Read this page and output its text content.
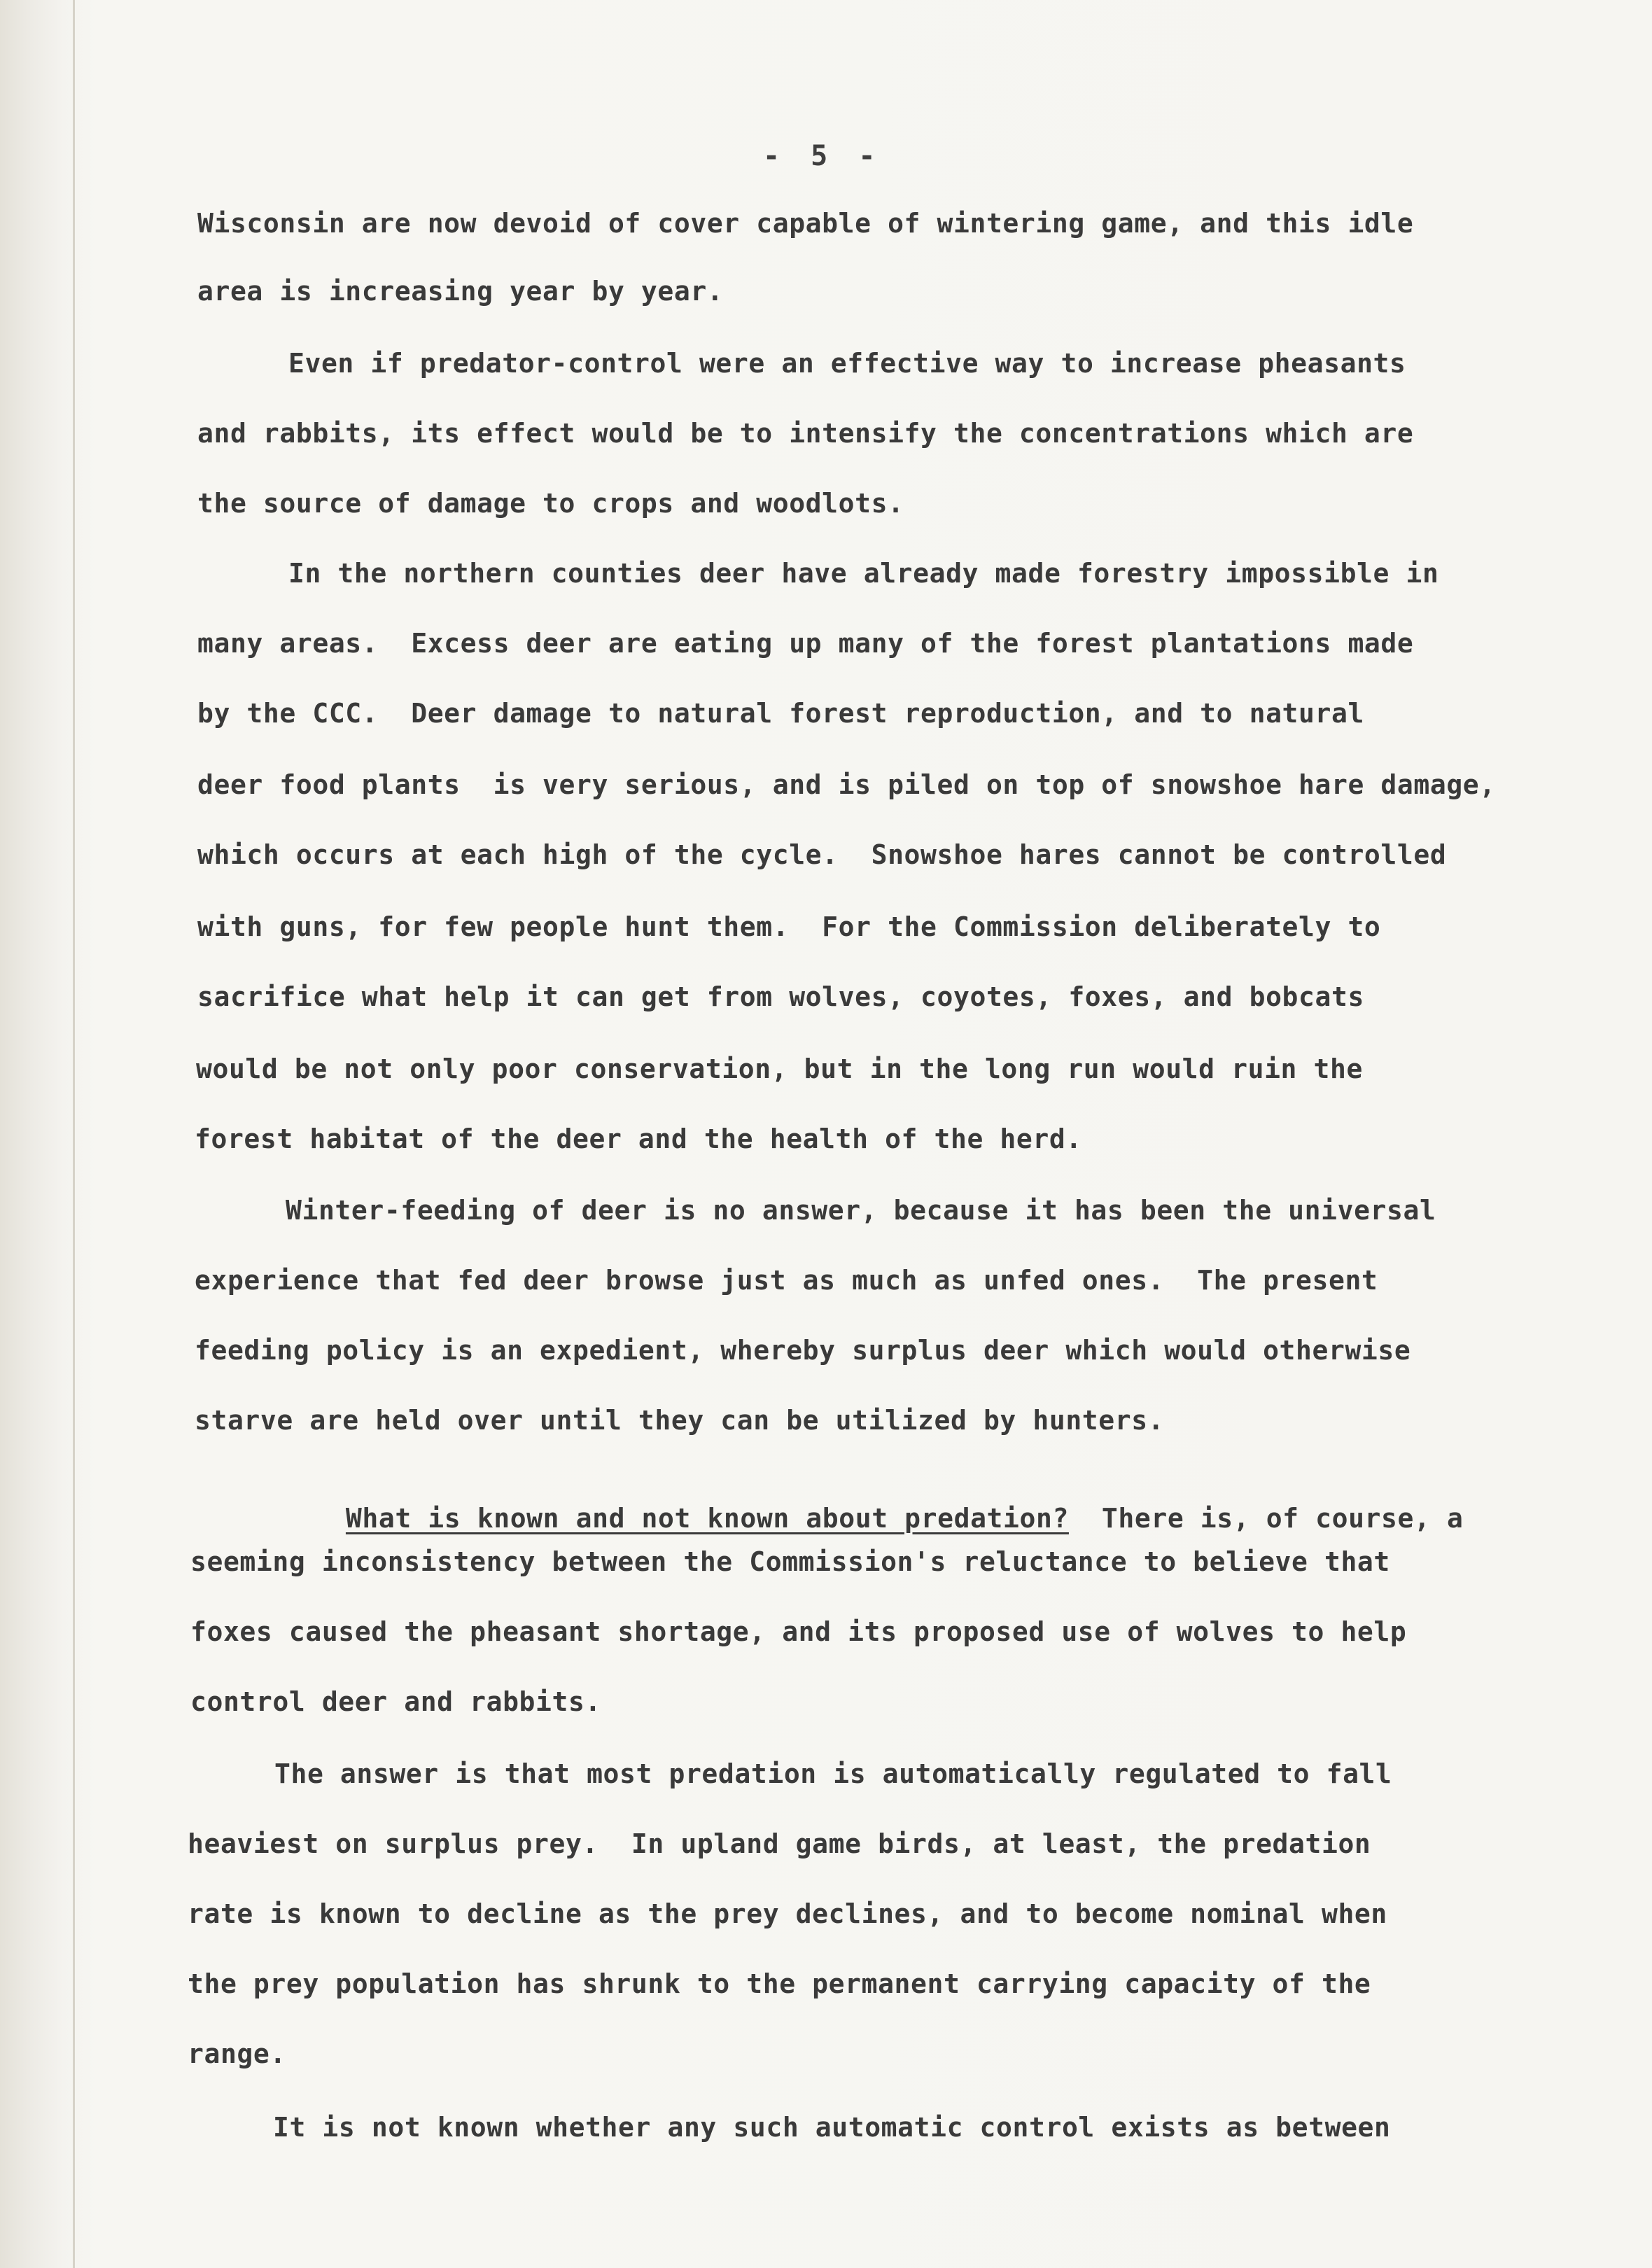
- 5 -
Wisconsin are now devoid of cover capable of wintering game, and this idle
area is increasing year by year.
Even if predator-control were an effective way to increase pheasants
and rabbits, its effect would be to intensify the concentrations which are
the source of damage to crops and woodlots.
In the northern counties deer have already made forestry impossible in
many areas.  Excess deer are eating up many of the forest plantations made
by the CCC.  Deer damage to natural forest reproduction, and to natural
deer food plants  is very serious, and is piled on top of snowshoe hare damage,
which occurs at each high of the cycle.  Snowshoe hares cannot be controlled
with guns, for few people hunt them.  For the Commission deliberately to
sacrifice what help it can get from wolves, coyotes, foxes, and bobcats
would be not only poor conservation, but in the long run would ruin the
forest habitat of the deer and the health of the herd.
Winter-feeding of deer is no answer, because it has been the universal
experience that fed deer browse just as much as unfed ones.  The present
feeding policy is an expedient, whereby surplus deer which would otherwise
starve are held over until they can be utilized by hunters.

What is known and not known about predation?  There is, of course, a

seeming inconsistency between the Commission's reluctance to believe that
foxes caused the pheasant shortage, and its proposed use of wolves to help
control deer and rabbits.
The answer is that most predation is automatically regulated to fall
heaviest on surplus prey.  In upland game birds, at least, the predation
rate is known to decline as the prey declines, and to become nominal when
the prey population has shrunk to the permanent carrying capacity of the
range.
It is not known whether any such automatic control exists as between
